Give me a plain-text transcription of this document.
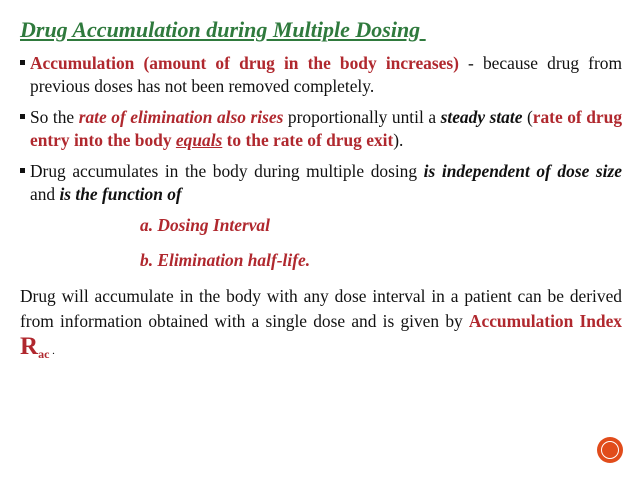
Drug Accumulation during Multiple Dosing
Accumulation (amount of drug in the body increases) - because drug from previous doses has not been removed completely.
So the rate of elimination also rises proportionally until a steady state (rate of drug entry into the body equals to the rate of drug exit).
Drug accumulates in the body during multiple dosing is independent of dose size and is the function of
a. Dosing Interval
b. Elimination half-life.
Drug will accumulate in the body with any dose interval in a patient can be derived from information obtained with a single dose and is given by Accumulation Index $R_{ac}$ .
